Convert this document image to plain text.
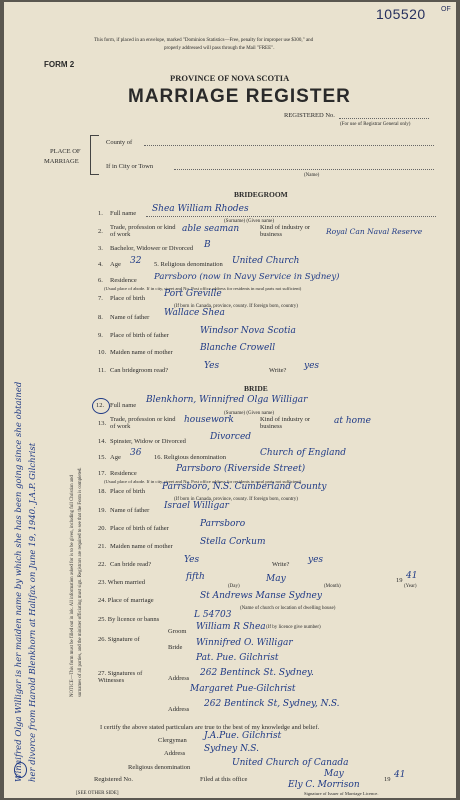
105520 OF
Winnifred Olga Willigar is her maiden name by which she has been going since she obtained her divorce from Harold Blenkhorn at Halifax on June 19, 1940. J.A.P. Gilchrist	NOTICE—This form must be filled out in ink. All information asked for is to be given, including full Christian and surnames of all parties, and the minister officiating must sign. Registrars are required to see that the Form is completed.
This form, if placed in an envelope, marked "Dominion Statistics—Free, penalty for improper use $300," and
properly addressed will pass through the Mail "FREE".
FORM 2
PROVINCE OF NOVA SCOTIA
MARRIAGE REGISTER
REGISTERED No.
(For use of Registrar General only)
PLACE OF
MARRIAGE
County of
If in City or Town
(Name)
BRIDEGROOM
1. Full name Shea William Rhodes
(Surname) (Given name)
2.
Trade, profession or kind of work
able seaman	Kind of industry or business	Royal Can Naval Reserve
3. Bachelor, Widower or Divorced B
4. Age 32 5. Religious denomination United Church
6. Residence Parrsboro (now in Navy Service in Sydney)
(Usual place of abode. If in city, street and No. Post office address for residents in rural parts not sufficient)
7. Place of birth Port Greville
(If born in Canada, province, county. If foreign born, country)
8. Name of father Wallace Shea
9. Place of birth of father	Windsor Nova Scotia
10. Maiden name of mother	Blanche Crowell
11. Can bridegroom read?	Yes	Write? yes
BRIDE
12. Full name
Blenkhorn, Winnifred Olga Willigar
(Surname) (Given name)
13.
Trade, profession or kind of work
housework	Kind of industry or business
at home
14. Spinster, Widow or Divorced	Divorced
15. Age 36 16. Religious denomination	Church of England
17. Residence	Parrsboro (Riverside Street)
(Usual place of abode. If in city, street and No. Post office address for residents in rural parts not sufficient)
18. Place of birth Parrsboro, N.S. Cumberland County
(If born in Canada, province, county. If foreign born, country)
19. Name of father Israel Willigar
20. Place of birth of father	Parrsboro
21. Maiden name of mother	Stella Corkum
22. Can bride read?	Yes	Write? yes
23. When married
fifth
(Day)
May
(Month)
19 41
(Year)
24. Place of marriage	St Andrews Manse Sydney
(Name of church or location of dwelling house)
25. By licence or banns	L 54703
(If by licence give number)
26. Signature of
Groom William R Shea
Bride Winnifred O. Willigar
27. Signatures of Witnesses
Pat. Pue. Gilchrist
Address
262 Bentinck St. Sydney.
Margaret Pue-Gilchrist
Address
262 Bentinck St, Sydney, N.S.
I certify the above stated particulars are true to the best of my knowledge and belief.
Clergyman J.A.Pue. Gilchrist
Address Sydney N.S.
Religious denomination	United Church of Canada
Registered No.	Filed at this office
May
19 41
Ely C. Morrison
Signature of Issuer of Marriage Licence.
[SEE OTHER SIDE]
